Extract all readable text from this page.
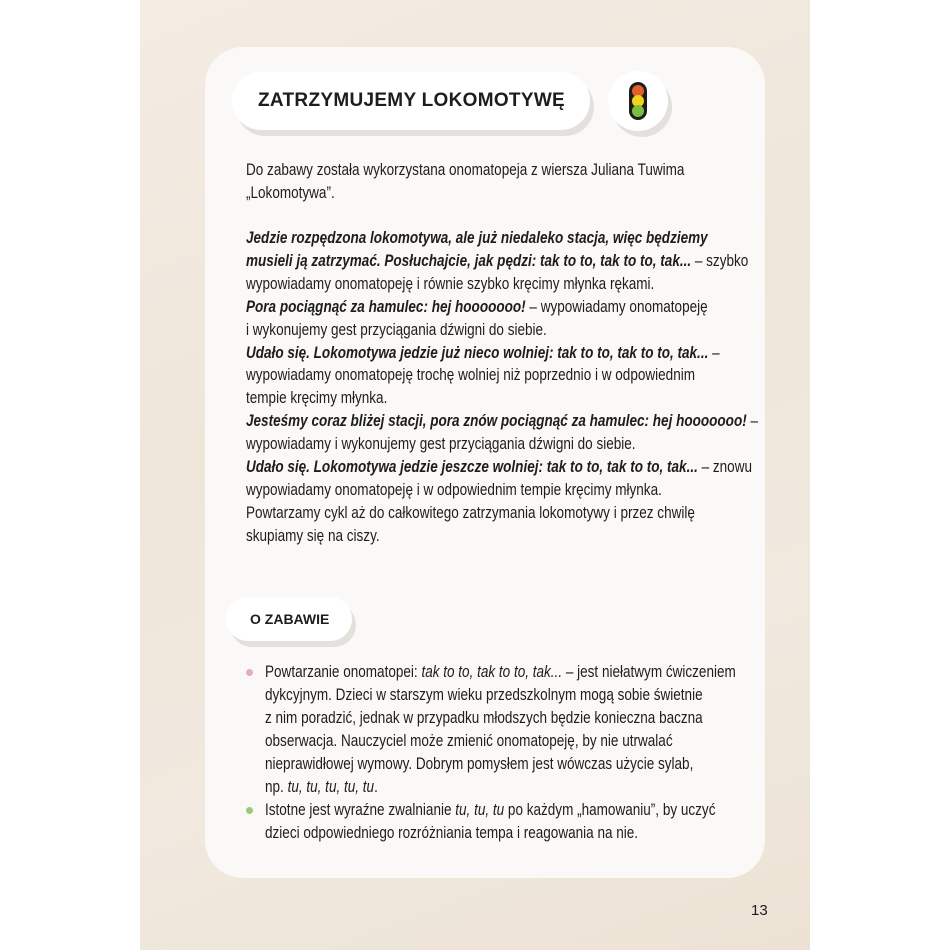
ZATRZYMUJEMY LOKOMOTYWĘ
Do zabawy została wykorzystana onomatopeja z wiersza Juliana Tuwima
„Lokomotywa”.
Jedzie rozpędzona lokomotywa, ale już niedaleko stacja, więc będziemy
musieli ją zatrzymać. Posłuchajcie, jak pędzi: tak to to, tak to to, tak... – szybko
wypowiadamy onomatopeję i równie szybko kręcimy młynka rękami.
Pora pociągnąć za hamulec: hej hooooooo! – wypowiadamy onomatopeję
i wykonujemy gest przyciągania dźwigni do siebie.
Udało się. Lokomotywa jedzie już nieco wolniej: tak to to, tak to to, tak... –
wypowiadamy onomatopeję trochę wolniej niż poprzednio i w odpowiednim
tempie kręcimy młynka.
Jesteśmy coraz bliżej stacji, pora znów pociągnąć za hamulec: hej hooooooo! –
wypowiadamy i wykonujemy gest przyciągania dźwigni do siebie.
Udało się. Lokomotywa jedzie jeszcze wolniej: tak to to, tak to to, tak... – znowu
wypowiadamy onomatopeję i w odpowiednim tempie kręcimy młynka.
Powtarzamy cykl aż do całkowitego zatrzymania lokomotywy i przez chwilę
skupiamy się na ciszy.
O ZABAWIE
Powtarzanie onomatopei: tak to to, tak to to, tak... – jest niełatwym ćwiczeniem
dykcyjnym. Dzieci w starszym wieku przedszkolnym mogą sobie świetnie
z nim poradzić, jednak w przypadku młodszych będzie konieczna baczna
obserwacja. Nauczyciel może zmienić onomatopeję, by nie utrwalać
nieprawidłowej wymowy. Dobrym pomysłem jest wówczas użycie sylab,
np. tu, tu, tu, tu, tu.
Istotne jest wyraźne zwalnianie tu, tu, tu po każdym „hamowaniu”, by uczyć
dzieci odpowiedniego rozróżniania tempa i reagowania na nie.
13
